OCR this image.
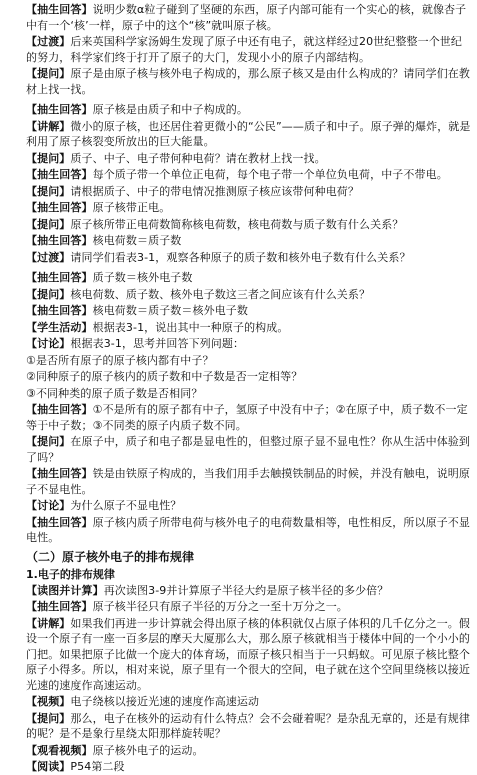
【抽生回答】说明少数α粒子碰到了坚硬的东西，原子内部可能有一个实心的核，就像杏子中有一个‘核’一样，原子中的这个“核”就叫原子核。

【过渡】后来英国科学家汤姆生发现了原子中还有电子，就这样经过20世纪整整一个世纪的努力，科学家们终于打开了原子的大门，发现小小的原子内部结构。

【提问】原子是由原子核与核外电子构成的，那么原子核又是由什么构成的？请同学们在教材上找一找。

【抽生回答】原子核是由质子和中子构成的。

【讲解】微小的原子核，也还居住着更微小的“公民”——质子和中子。原子弹的爆炸，就是利用了原子核裂变所放出的巨大能量。

【提问】质子、中子、电子带何种电荷？请在教材上找一找。

【抽生回答】每个质子带一个单位正电荷，每个电子带一个单位负电荷，中子不带电。

【提问】请根据质子、中子的带电情况推测原子核应该带何种电荷？

【抽生回答】原子核带正电。

【提问】原子核所带正电荷数简称核电荷数，核电荷数与质子数有什么关系？

【抽生回答】核电荷数＝质子数

【过渡】请同学们看表3-1，观察各种原子的质子数和核外电子数有什么关系？

【抽生回答】质子数＝核外电子数

【提问】核电荷数、质子数、核外电子数这三者之间应该有什么关系？

【抽生回答】核电荷数＝质子数＝核外电子数

【学生活动】根据表3-1，说出其中一种原子的构成。

【讨论】根据表3-1，思考并回答下列问题：

①是否所有原子的原子核内都有中子？

②同种原子的原子核内的质子数和中子数是否一定相等？

③不同种类的原子质子数是否相同？

【抽生回答】①不是所有的原子都有中子，氢原子中没有中子；②在原子中，质子数不一定等于中子数；③不同类的原子内质子数不同。

【提问】在原子中，质子和电子都是显电性的，但整过原子显不显电性？你从生活中体验到了吗？

【抽生回答】铁是由铁原子构成的，当我们用手去触摸铁制品的时候，并没有触电，说明原子不显电性。

【讨论】为什么原子不显电性？

【抽生回答】原子核内质子所带电荷与核外电子的电荷数量相等，电性相反，所以原子不显电性。

（二）原子核外电子的排布规律

1.电子的排布规律

【读图并计算】再次读图3-9并计算原子半径大约是原子核半径的多少倍？

【抽生回答】原子核半径只有原子半径的万分之一至十万分之一。

【讲解】如果我们再进一步计算就会得出原子核的体积就仅占原子体积的几千亿分之一。假设一个原子有一座一百多层的摩天大厦那么大，那么原子核就相当于楼体中间的一个小小的门把。如果把原子比做一个庞大的体育场，而原子核只相当于一只蚂蚁。可见原子核比整个原子小得多。所以，相对来说，原子里有一个很大的空间，电子就在这个空间里绕核以接近光速的速度作高速运动。

【视频】电子绕核以接近光速的速度作高速运动

【提问】那么，电子在核外的运动有什么特点？会不会碰着呢？是杂乱无章的，还是有规律的呢？是不是象行星绕太阳那样旋转呢？

【观看视频】原子核外电子的运动。

【阅读】P54第二段
